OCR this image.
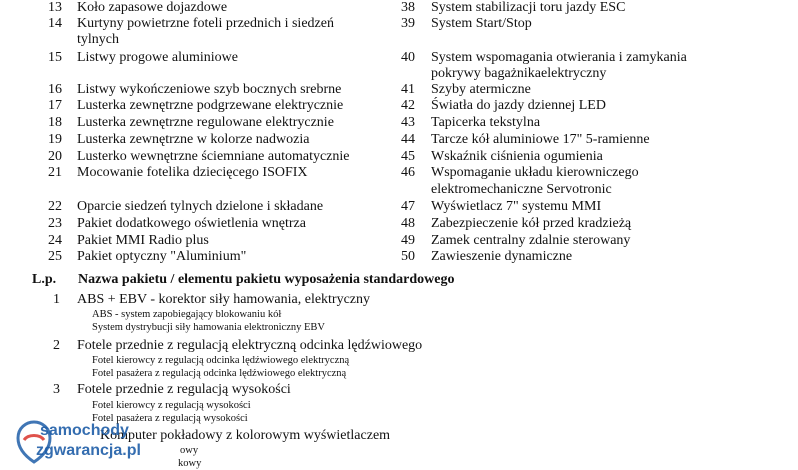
13 Koło zapasowe dojazdowe
14 Kurtyny powietrzne foteli przednich i siedzeń
tylnych
15 Listwy progowe aluminiowe
16 Listwy wykończeniowe szyb bocznych srebrne
17 Lusterka zewnętrzne podgrzewane elektrycznie
18 Lusterka zewnętrzne regulowane elektrycznie
19 Lusterka zewnętrzne w kolorze nadwozia
20 Lusterko wewnętrzne ściemniane automatycznie
21 Mocowanie fotelika dziecięcego ISOFIX
22 Oparcie siedzeń tylnych dzielone i składane
23 Pakiet dodatkowego oświetlenia wnętrza
24 Pakiet MMI Radio plus
25 Pakiet optyczny "Aluminium"
38 System stabilizacji toru jazdy ESC
39 System Start/Stop
40 System wspomagania otwierania i zamykania
pokrywy bagażnikaelektryczny
41 Szyby atermiczne
42 Światła do jazdy dziennej LED
43 Tapicerka tekstylna
44 Tarcze kół aluminiowe 17" 5-ramienne
45 Wskaźnik ciśnienia ogumienia
46 Wspomaganie układu kierowniczego
elektromechaniczne Servotronic
47 Wyświetlacz 7" systemu MMI
48 Zabezpieczenie kół przed kradzieżą
49 Zamek centralny zdalnie sterowany
50 Zawieszenie dynamiczne
L.p. Nazwa pakietu / elementu pakietu wyposażenia standardowego
1 ABS + EBV - korektor siły hamowania, elektryczny
ABS - system zapobiegający blokowaniu kół
System dystrybucji siły hamowania elektroniczny EBV
2 Fotele przednie z regulacją elektryczną odcinka lędźwiowego
Fotel kierowcy z regulacją odcinka lędźwiowego elektryczną
Fotel pasażera z regulacją odcinka lędźwiowego elektryczną
3 Fotele przednie z regulacją wysokości
Fotel kierowcy z regulacją wysokości
Fotel pasażera z regulacją wysokości
Komputer pokładowy z kolorowym wyświetlaczem
owy
kowy
samochody
zgwarancja.pl
